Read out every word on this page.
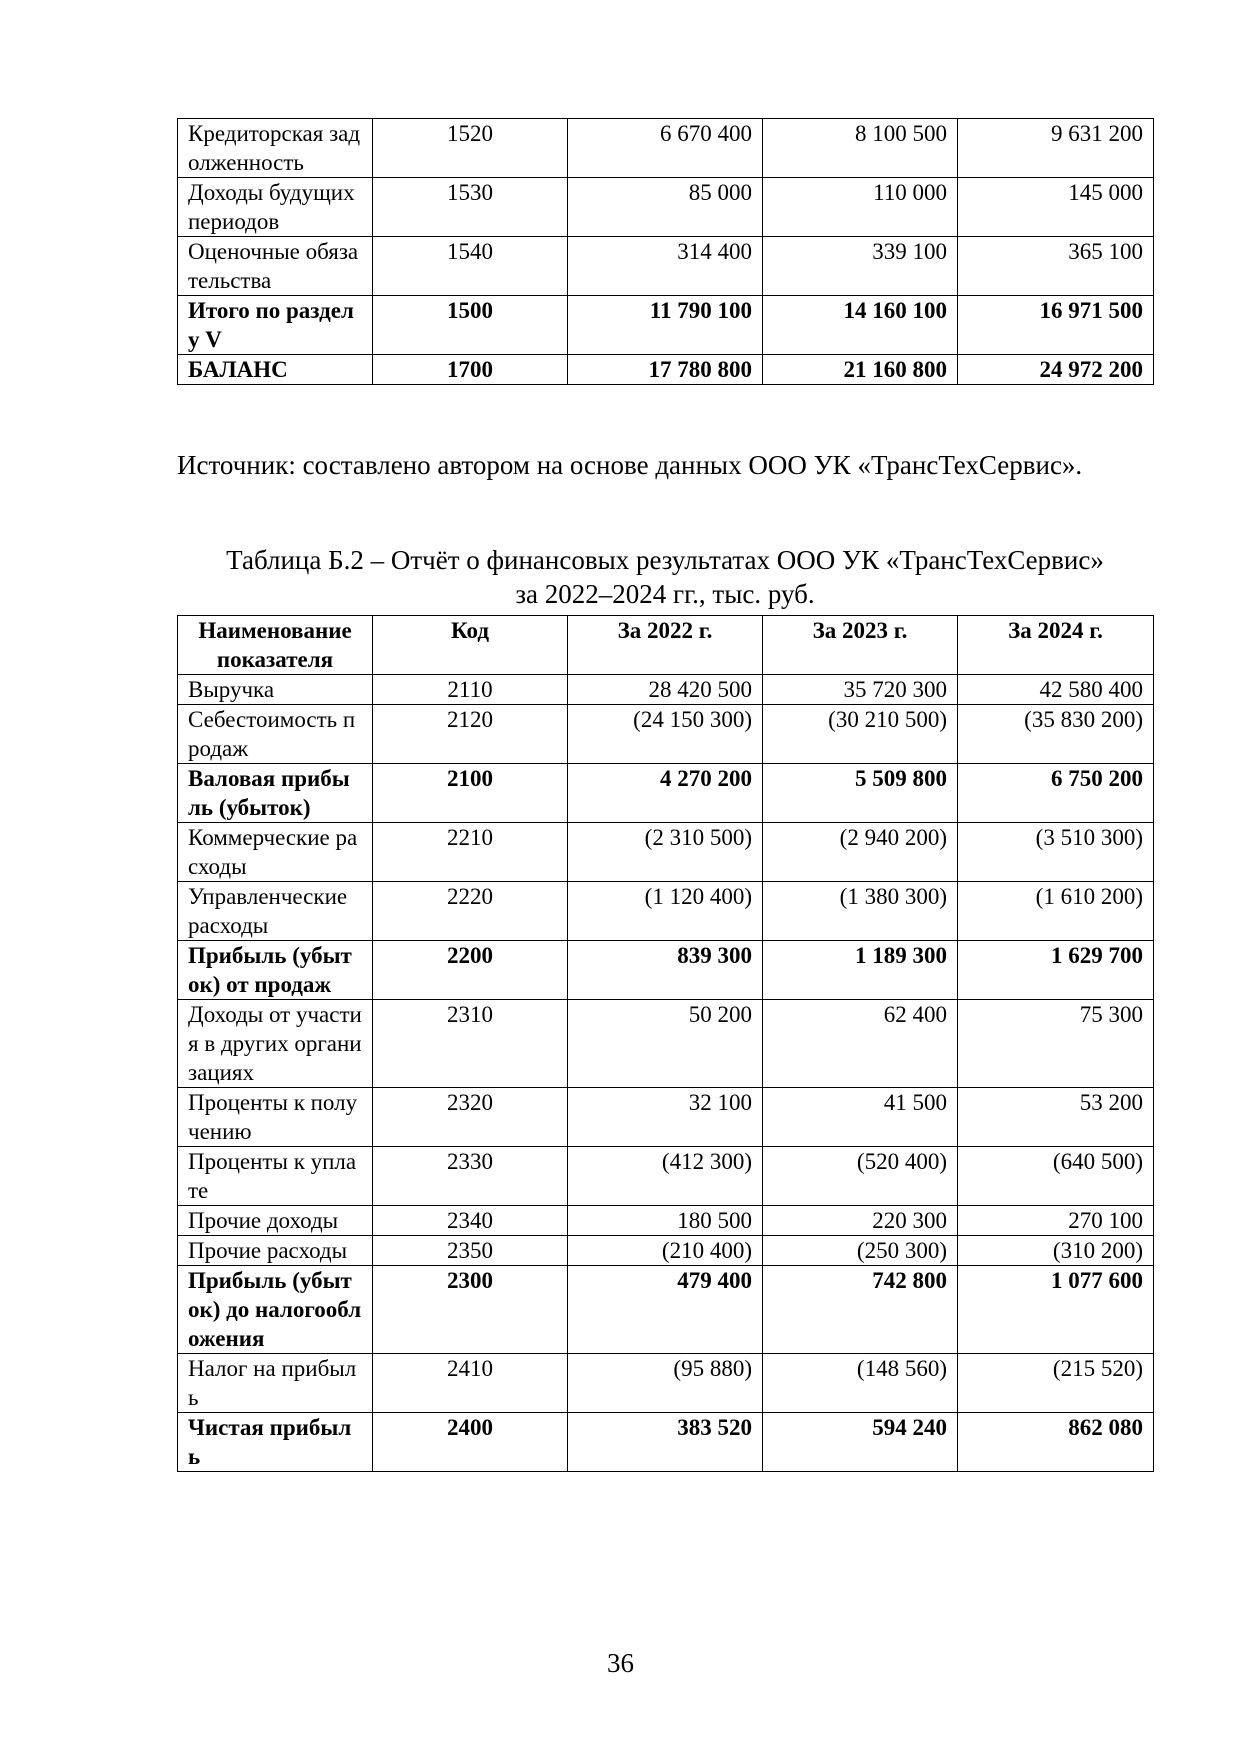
Кредиторская задолженность	1520	6 670 400	8 100 500	9 631 200
Доходы будущих периодов	1530	85 000	110 000	145 000
Оценочные обязательства	1540	314 400	339 100	365 100
Итого по разделу V	1500	11 790 100	14 160 100	16 971 500
БАЛАНС	1700	17 780 800	21 160 800	24 972 200
Источник: составлено автором на основе данных ООО УК «ТрансТехСервис».
Таблица Б.2 – Отчёт о финансовых результатах ООО УК «ТрансТехСервис»
за 2022–2024 гг., тыс. руб.
Наименование показателя	Код	За 2022 г.	За 2023 г.	За 2024 г.
Выручка	2110	28 420 500	35 720 300	42 580 400
Себестоимость продаж	2120	(24 150 300)	(30 210 500)	(35 830 200)
Валовая прибыль (убыток)	2100	4 270 200	5 509 800	6 750 200
Коммерческие расходы	2210	(2 310 500)	(2 940 200)	(3 510 300)
Управленческие расходы	2220	(1 120 400)	(1 380 300)	(1 610 200)
Прибыль (убыток) от продаж	2200	839 300	1 189 300	1 629 700
Доходы от участия в других организациях	2310	50 200	62 400	75 300
Проценты к получению	2320	32 100	41 500	53 200
Проценты к уплате	2330	(412 300)	(520 400)	(640 500)
Прочие доходы	2340	180 500	220 300	270 100
Прочие расходы	2350	(210 400)	(250 300)	(310 200)
Прибыль (убыток) до налогообложения	2300	479 400	742 800	1 077 600
Налог на прибыль	2410	(95 880)	(148 560)	(215 520)
Чистая прибыль	2400	383 520	594 240	862 080
36
